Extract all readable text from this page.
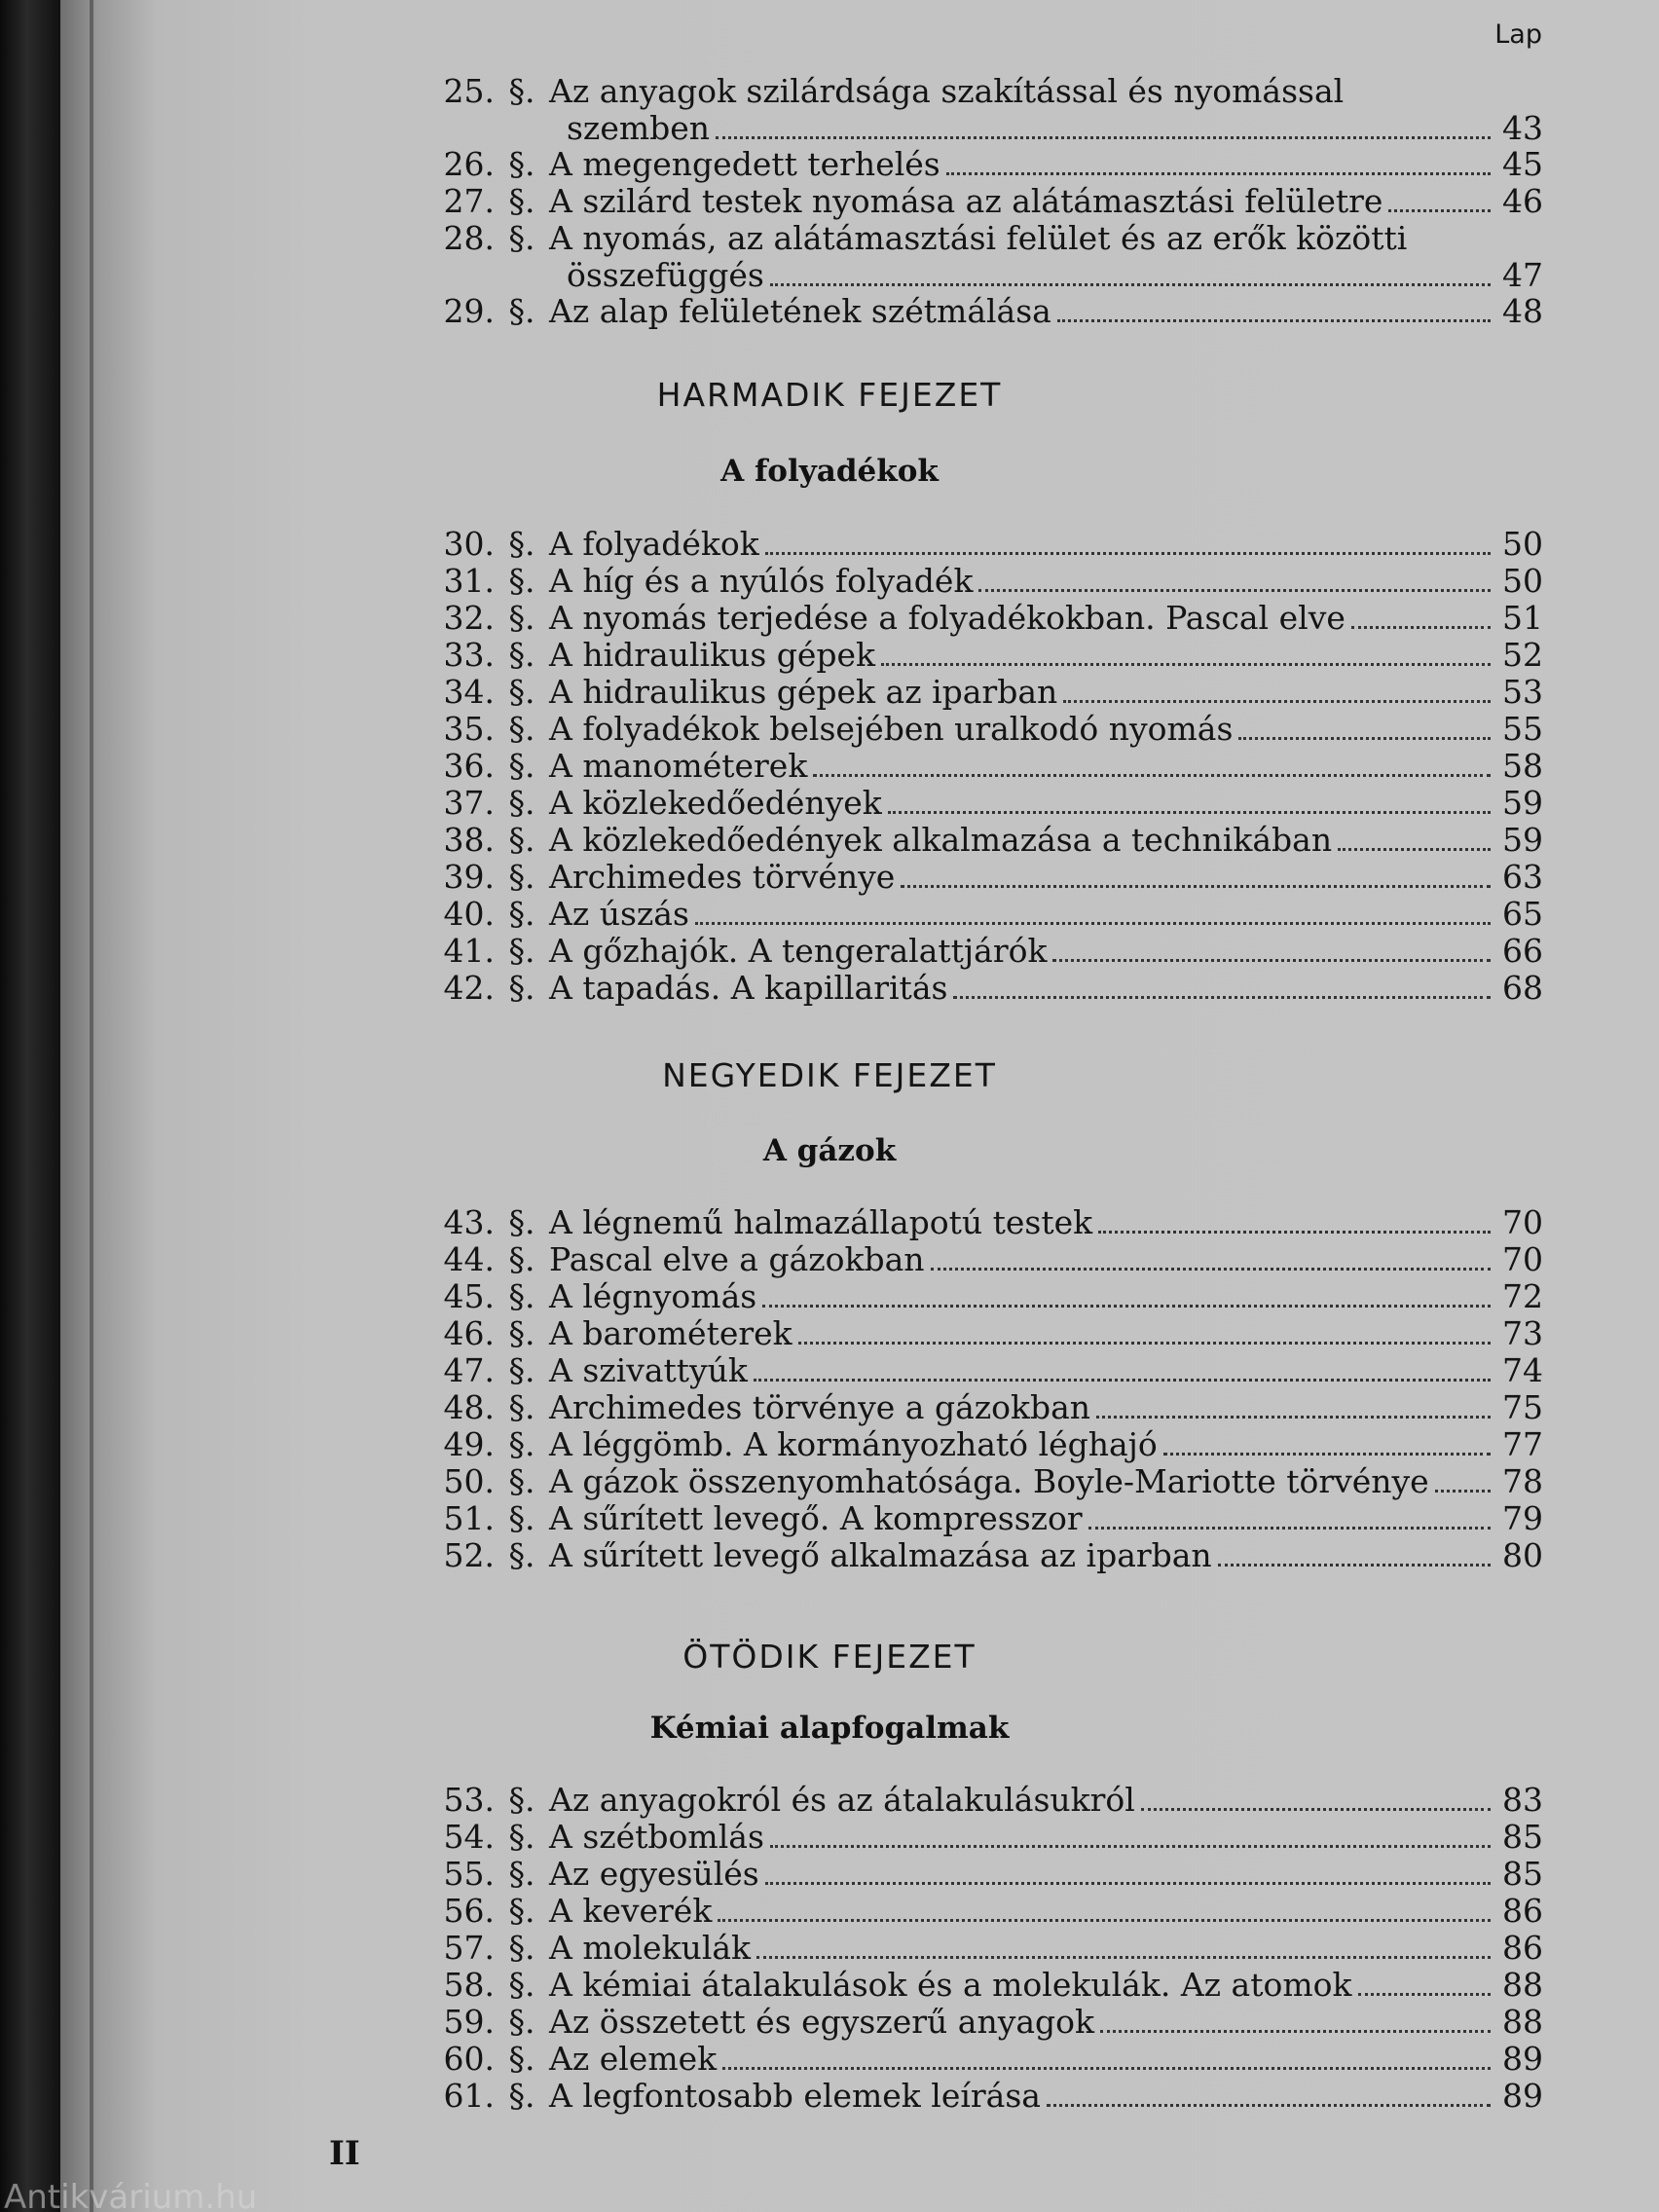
Lap
HARMADIK FEJEZET
A folyadékok
NEGYEDIK FEJEZET
A gázok
ÖTÖDIK FEJEZET
Kémiai alapfogalmak
25. §. Az anyagok szilárdsága szakítással és nyomással
szemben	43
26. §. A megengedett terhelés	45
27. §. A szilárd testek nyomása az alátámasztási felületre	46
28. §. A nyomás, az alátámasztási felület és az erők közötti
összefüggés	47
29. §. Az alap felületének szétmálása	48
30. §. A folyadékok	50
31. §. A híg és a nyúlós folyadék	50
32. §. A nyomás terjedése a folyadékokban. Pascal elve	51
33. §. A hidraulikus gépek	52
34. §. A hidraulikus gépek az iparban	53
35. §. A folyadékok belsejében uralkodó nyomás	55
36. §. A manométerek	58
37. §. A közlekedőedények	59
38. §. A közlekedőedények alkalmazása a technikában	59
39. §. Archimedes törvénye	63
40. §. Az úszás	65
41. §. A gőzhajók. A tengeralattjárók	66
42. §. A tapadás. A kapillaritás	68
43. §. A légnemű halmazállapotú testek	70
44. §. Pascal elve a gázokban	70
45. §. A légnyomás	72
46. §. A barométerek	73
47. §. A szivattyúk	74
48. §. Archimedes törvénye a gázokban	75
49. §. A léggömb. A kormányozható léghajó	77
50. §. A gázok összenyomhatósága. Boyle-Mariotte törvénye 78
51. §. A sűrített levegő. A kompresszor	79
52. §. A sűrített levegő alkalmazása az iparban	80
53. §. Az anyagokról és az átalakulásukról	83
54. §. A szétbomlás	85
55. §. Az egyesülés	85
56. §. A keverék	86
57. §. A molekulák	86
58. §. A kémiai átalakulások és a molekulák. Az atomok	88
59. §. Az összetett és egyszerű anyagok	88
60. §. Az elemek	89
61. §. A legfontosabb elemek leírása	89
II
Antikvárium.hu
